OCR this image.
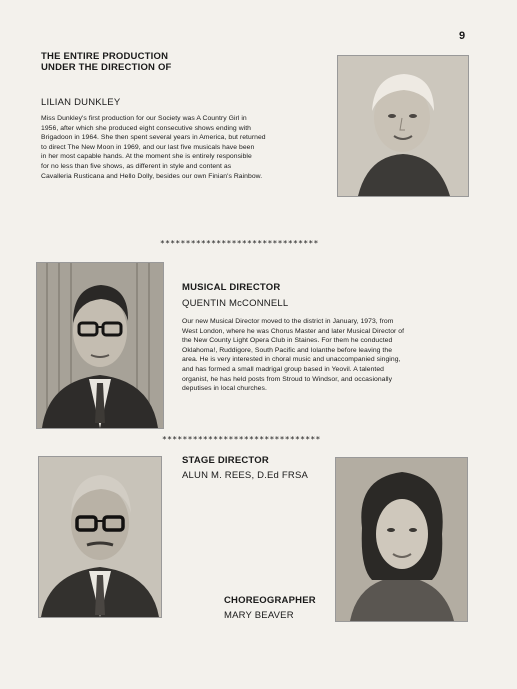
9
THE ENTIRE PRODUCTION
UNDER THE DIRECTION OF
LILIAN DUNKLEY
Miss Dunkley's first production for our Society was A Country Girl in
1956, after which she produced eight consecutive shows ending with
Brigadoon in 1964. She then spent several years in America, but returned
to direct The New Moon in 1969, and our last five musicals have been
in her most capable hands. At the moment she is entirely responsible
for no less than five shows, as different in style and content as
Cavalleria Rusticana and Hello Dolly, besides our own Finian's Rainbow.
*******************************
MUSICAL DIRECTOR
QUENTIN McCONNELL
Our new Musical Director moved to the district in January, 1973, from
West London, where he was Chorus Master and later Musical Director of
the New County Light Opera Club in Staines. For them he conducted
Oklahoma!, Ruddigore, South Pacific and Iolanthe before leaving the
area. He is very interested in choral music and unaccompanied singing,
and has formed a small madrigal group based in Yeovil. A talented
organist, he has held posts from Stroud to Windsor, and occasionally
deputises in local churches.
*******************************
STAGE DIRECTOR
ALUN M. REES, D.Ed FRSA
CHOREOGRAPHER
MARY BEAVER
